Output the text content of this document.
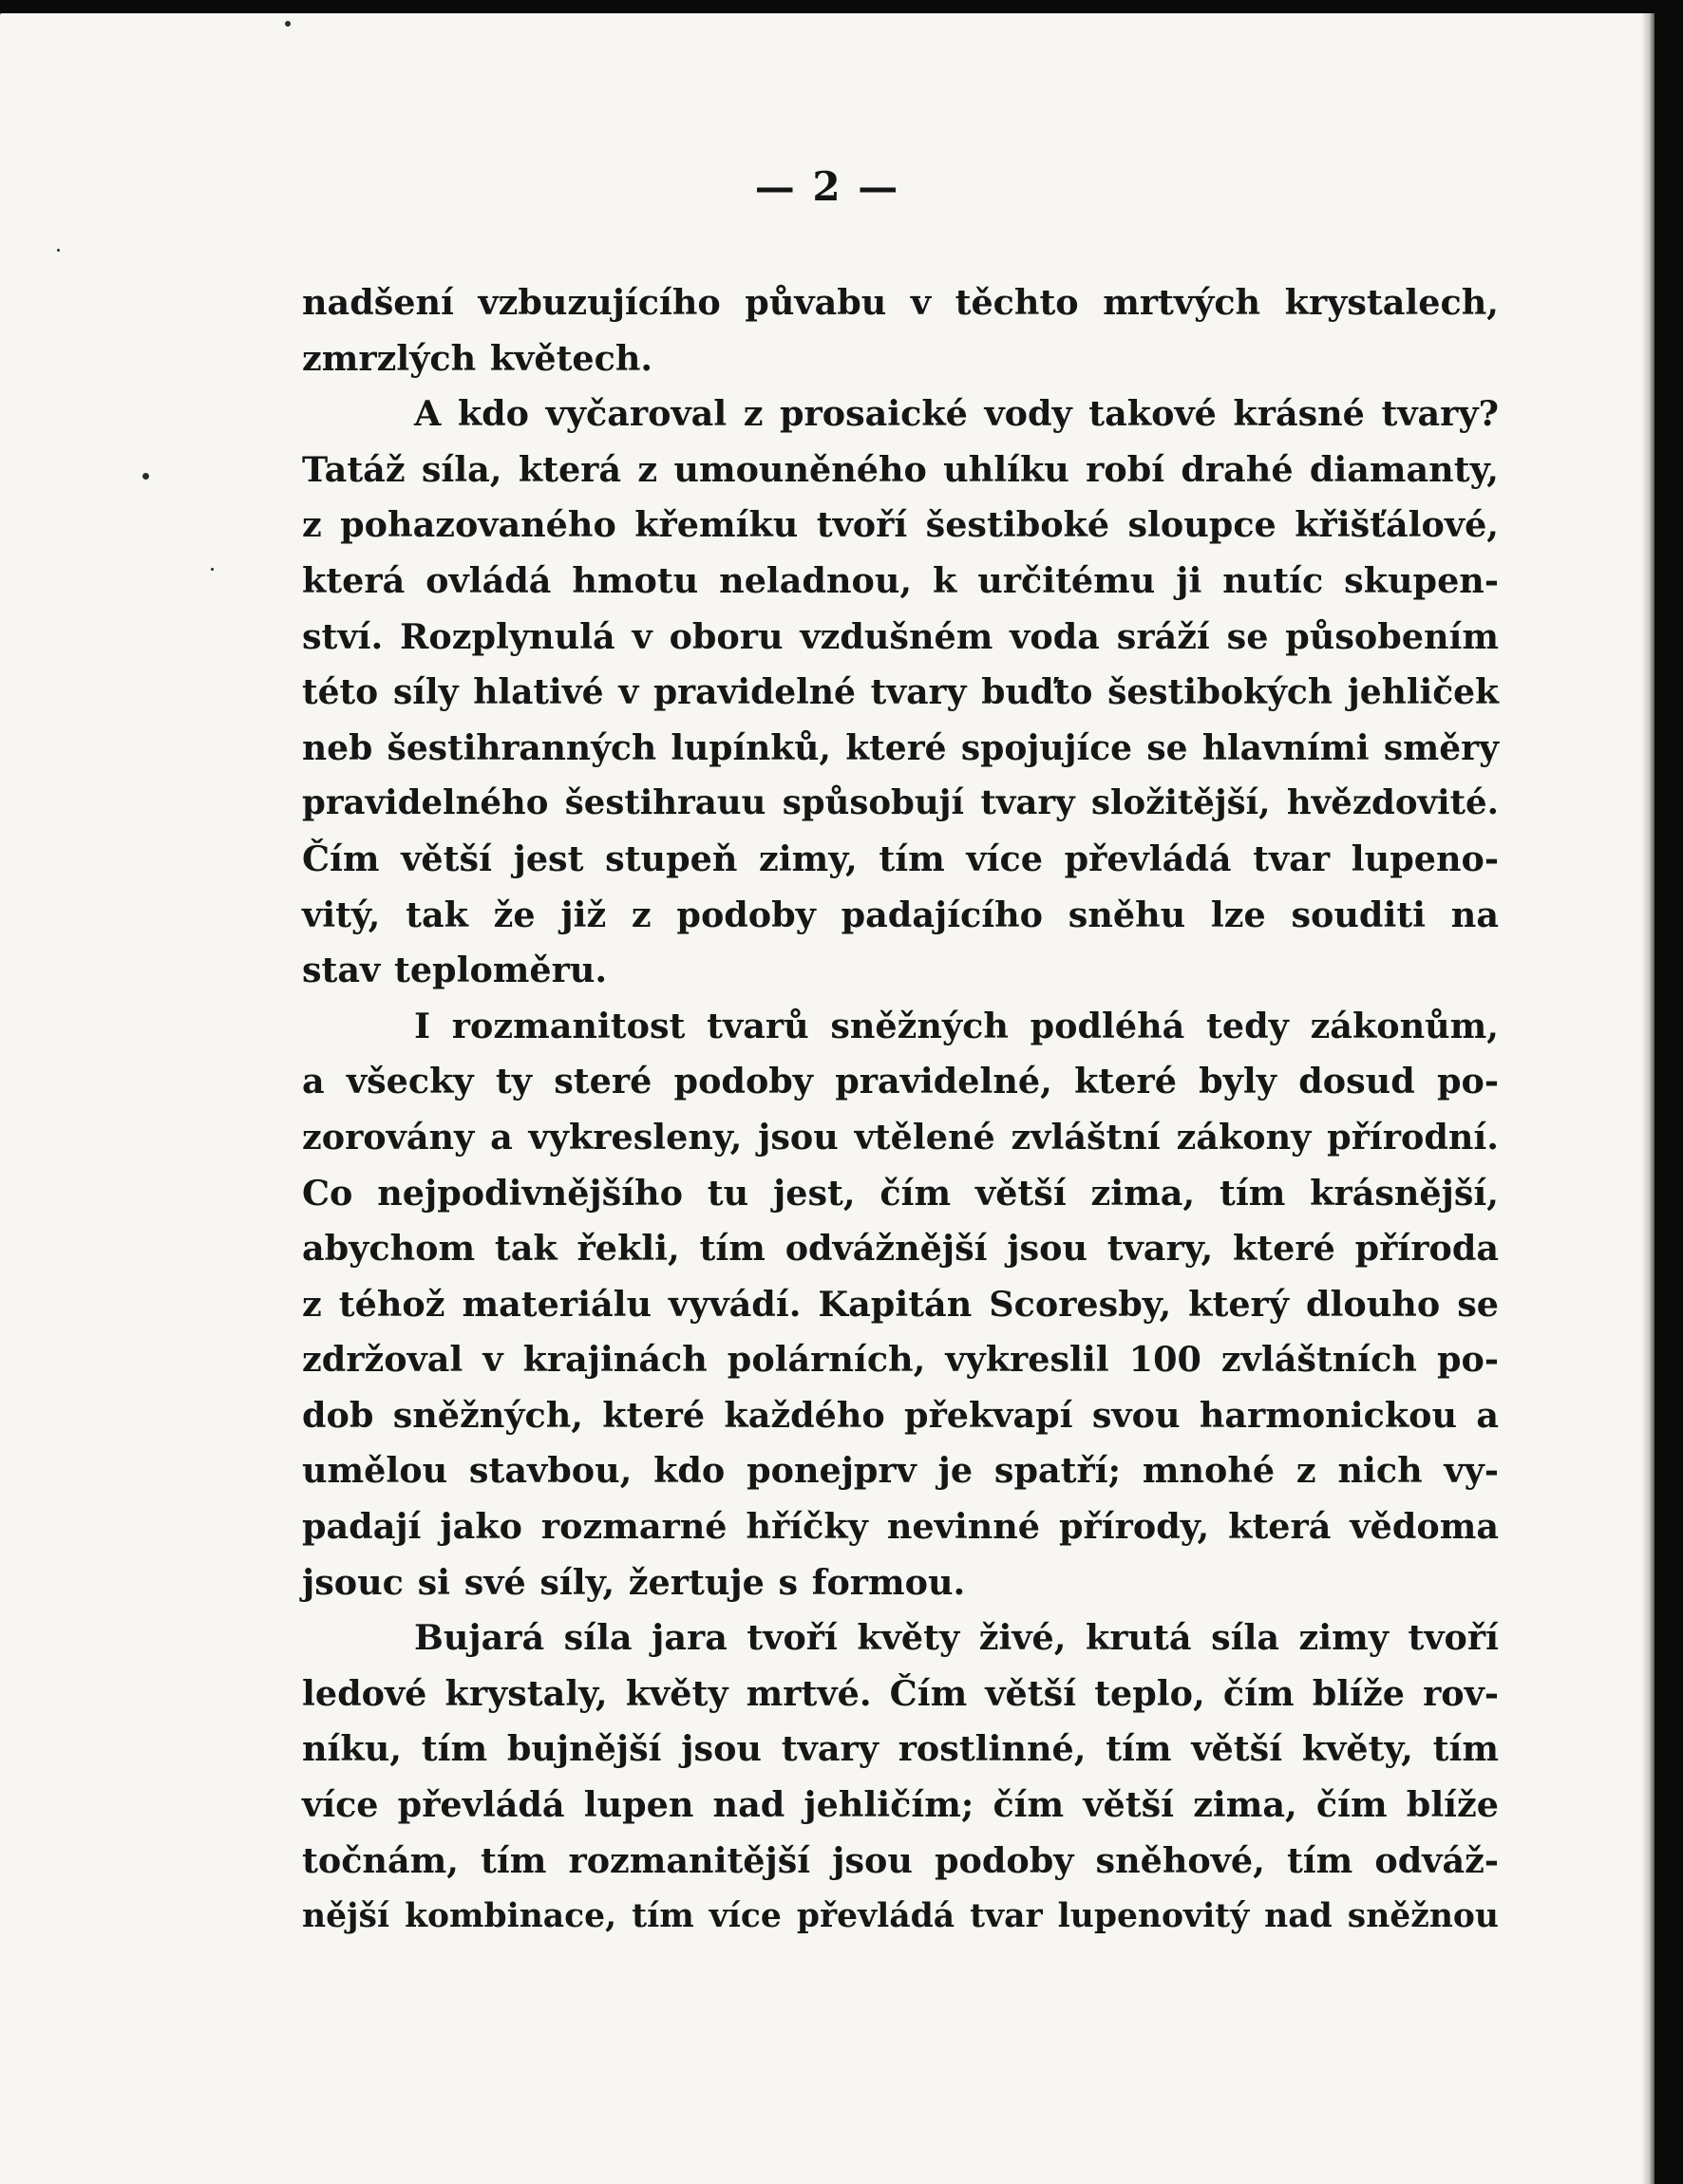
— 2 —
nadšení vzbuzujícího půvabu v těchto mrtvých krystalech,
zmrzlých květech.
A kdo vyčaroval z prosaické vody takové krásné tvary?
Tatáž síla, která z umouněného uhlíku robí drahé diamanty,
z pohazovaného křemíku tvoří šestiboké sloupce křišťálové,
která ovládá hmotu neladnou, k určitému ji nutíc skupen-
ství. Rozplynulá v oboru vzdušném voda sráží se působením
této síly hlativé v pravidelné tvary buďto šestibokých jehliček
neb šestihranných lupínků, které spojujíce se hlavními směry
pravidelného šestihrauu spůsobují tvary složitější, hvězdovité.
Čím větší jest stupeň zimy, tím více převládá tvar lupeno-
vitý, tak že již z podoby padajícího sněhu lze souditi na
stav teploměru.
I rozmanitost tvarů sněžných podléhá tedy zákonům,
a všecky ty steré podoby pravidelné, které byly dosud po-
zorovány a vykresleny, jsou vtělené zvláštní zákony přírodní.
Co nejpodivnějšího tu jest, čím větší zima, tím krásnější,
abychom tak řekli, tím odvážnější jsou tvary, které příroda
z téhož materiálu vyvádí. Kapitán Scoresby, který dlouho se
zdržoval v krajinách polárních, vykreslil 100 zvláštních po-
dob sněžných, které každého překvapí svou harmonickou a
umělou stavbou, kdo ponejprv je spatří; mnohé z nich vy-
padají jako rozmarné hříčky nevinné přírody, která vědoma
jsouc si své síly, žertuje s formou.
Bujará síla jara tvoří květy živé, krutá síla zimy tvoří
ledové krystaly, květy mrtvé. Čím větší teplo, čím blíže rov-
níku, tím bujnější jsou tvary rostlinné, tím větší květy, tím
více převládá lupen nad jehličím; čím větší zima, čím blíže
točnám, tím rozmanitější jsou podoby sněhové, tím odváž-
nější kombinace, tím více převládá tvar lupenovitý nad sněžnou
